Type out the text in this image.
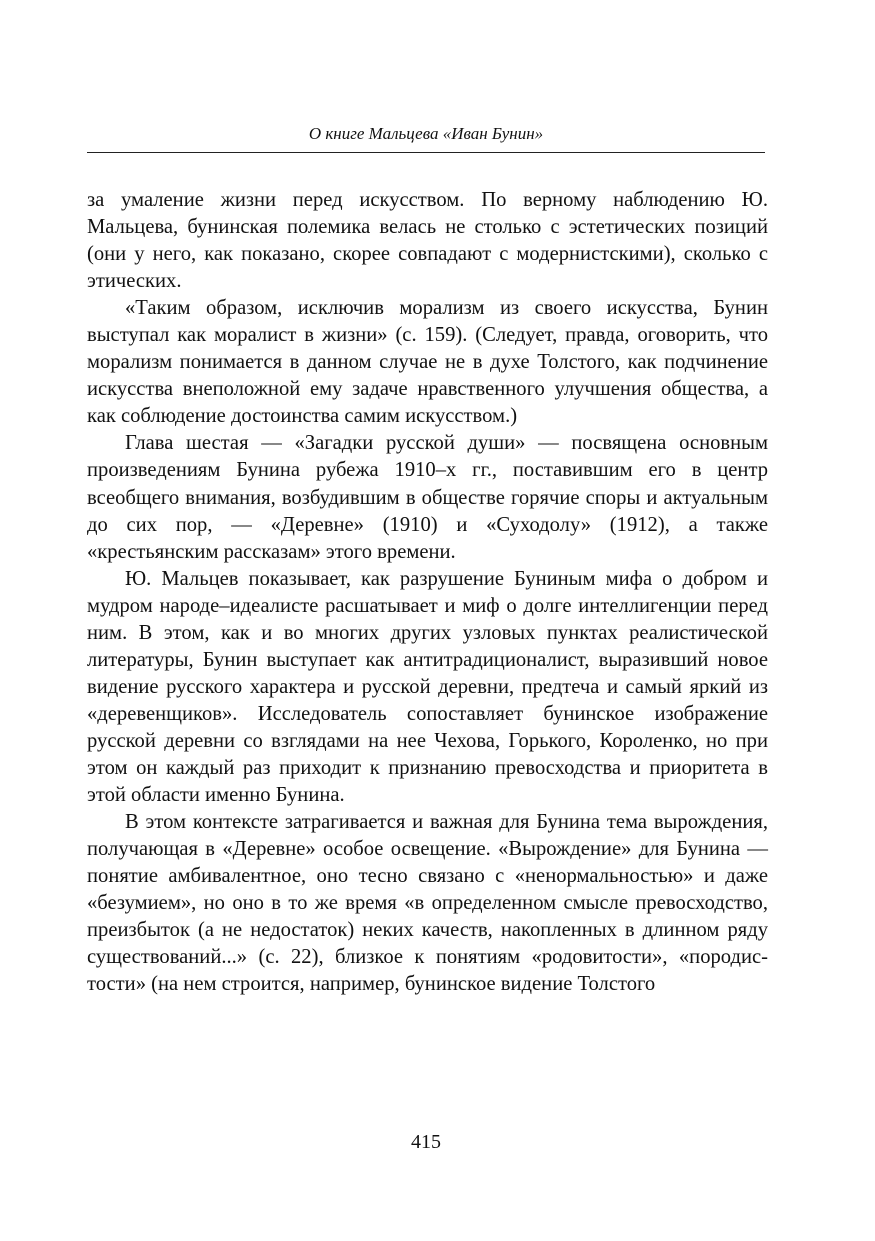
О книге Мальцева «Иван Бунин»

за умаление жизни перед искусством. По верному наблюдению Ю. Мальцева, бунинская полемика велась не столько с эстетических позиций (они у него, как показано, скорее совпадают с модернистскими), сколько с этических.

«Таким образом, исключив морализм из своего искусства, Бунин выступал как моралист в жизни» (с. 159). (Следует, правда, оговорить, что морализм понимается в данном случае не в духе Толстого, как подчинение искусства внеположной ему задаче нравственного улучшения общества, а как соблюдение достоинства самим искусством.)

Глава шестая — «Загадки русской души» — посвящена основным произведениям Бунина рубежа 1910–х гг., поставившим его в центр всеобщего внимания, возбудившим в обществе горячие споры и актуальным до сих пор, — «Деревне» (1910) и «Суходолу» (1912), а также «крестьянским рассказам» этого времени.

Ю. Мальцев показывает, как разрушение Буниным мифа о добром и мудром народе–идеалисте расшатывает и миф о долге интеллигенции перед ним. В этом, как и во многих других узловых пунктах реалистической литературы, Бунин выступает как антитрадиционалист, выразивший новое видение русского характера и русской деревни, предтеча и самый яркий из «деревенщиков». Исследователь сопоставляет бунинское изображение русской деревни со взглядами на нее Чехова, Горького, Короленко, но при этом он каждый раз приходит к признанию превосходства и приоритета в этой области именно Бунина.

В этом контексте затрагивается и важная для Бунина тема вырождения, получающая в «Деревне» особое освещение. «Вырождение» для Бунина — понятие амбивалентное, оно тесно связано с «ненормальностью» и даже «безумием», но оно в то же время «в определенном смысле превосходство, преизбыток (а не недостаток) неких качеств, накопленных в длинном ряду существований...» (с. 22), близкое к понятиям «родовитости», «породистости» (на нем строится, например, бунинское видение Толстого

415
